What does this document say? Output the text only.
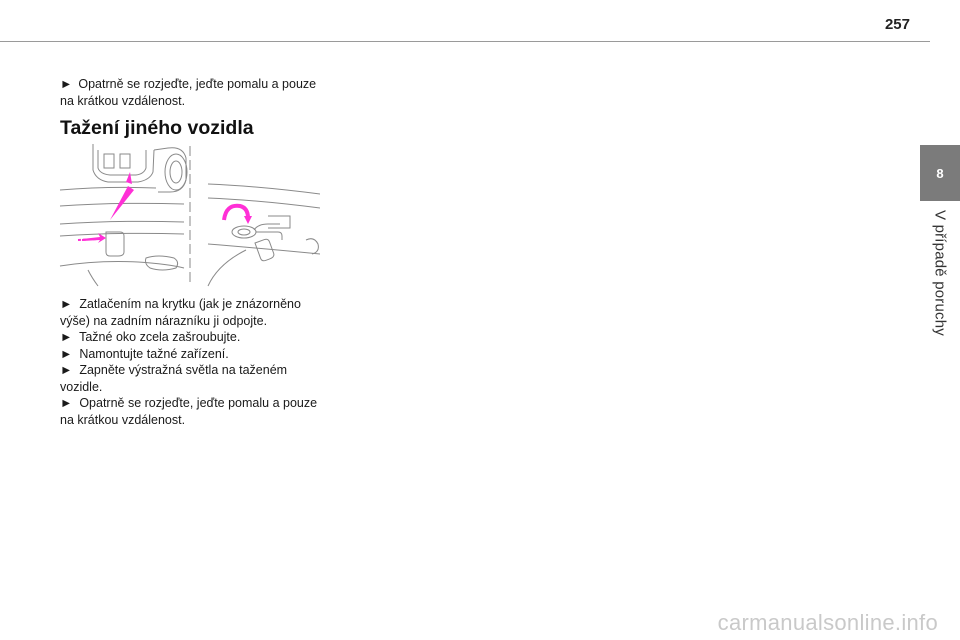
257
8
V případě poruchy

► Opatrně se rozjeďte, jeďte pomalu a pouze
na krátkou vzdálenost.

Tažení jiného vozidla

► Zatlačením na krytku (jak je znázorněno

výše) na zadním nárazníku ji odpojte.

► Tažné oko zcela zašroubujte.

► Namontujte tažné zařízení.

► Zapněte výstražná světla na taženém

vozidle.

► Opatrně se rozjeďte, jeďte pomalu a pouze

na krátkou vzdálenost.

carmanualsonline.info
